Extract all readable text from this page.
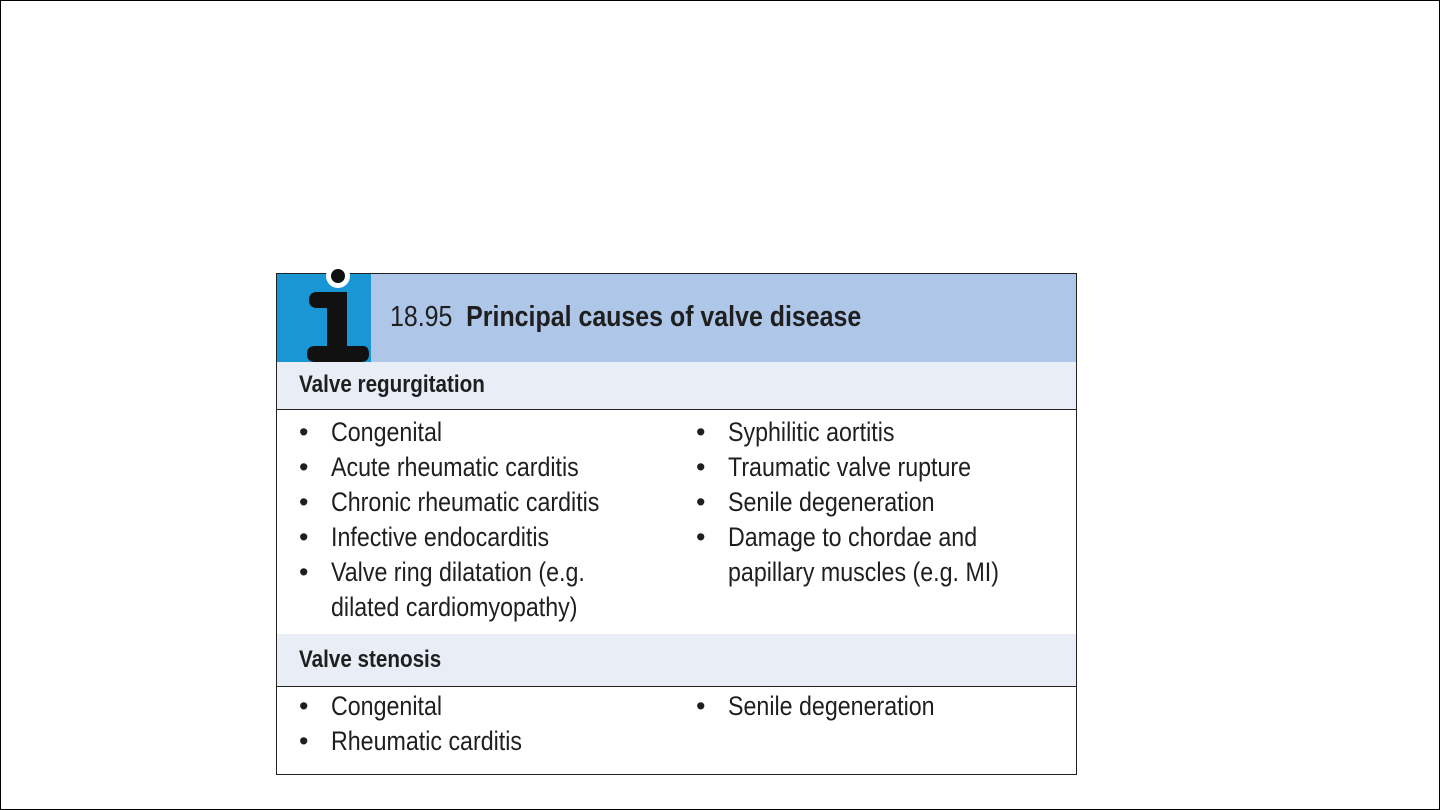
18.95 Principal causes of valve disease
Valve regurgitation
• Congenital
• Acute rheumatic carditis
• Chronic rheumatic carditis
• Infective endocarditis
• Valve ring dilatation (e.g.
dilated cardiomyopathy)
• Syphilitic aortitis
• Traumatic valve rupture
• Senile degeneration
• Damage to chordae and
papillary muscles (e.g. MI)
Valve stenosis
• Congenital
• Rheumatic carditis
• Senile degeneration
